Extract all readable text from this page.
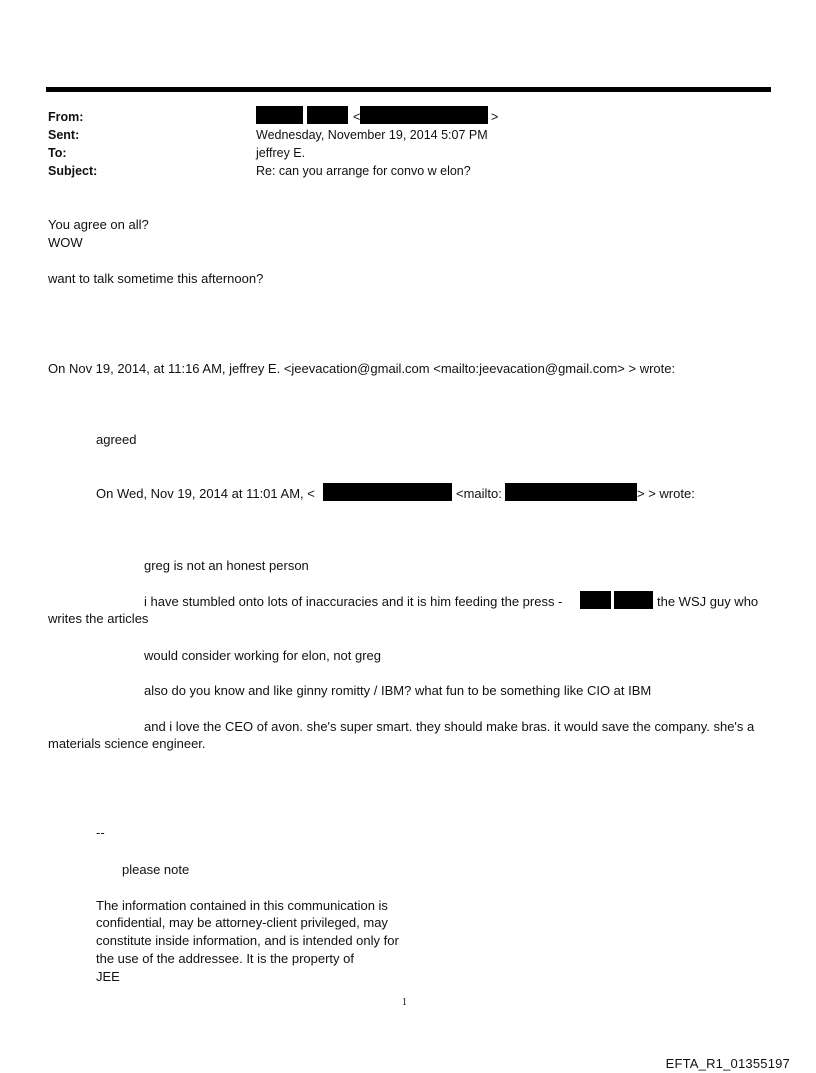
From:	<	>
Sent:	Wednesday, November 19, 2014 5:07 PM
To:	jeffrey E.
Subject:	Re: can you arrange for convo w elon?
You agree on all?
WOW
want to talk sometime this afternoon?
On Nov 19, 2014, at 11:16 AM, jeffrey E. <jeevacation@gmail.com <mailto:jeevacation@gmail.com> > wrote:
agreed
On Wed, Nov 19, 2014 at 11:01 AM, <	<mailto:	> > wrote:
greg is not an honest person
i have stumbled onto lots of inaccuracies and it is him feeding the press -	the WSJ guy who
writes the articles
would consider working for elon, not greg
also do you know and like ginny romitty / IBM? what fun to be something like CIO at IBM
and i love the CEO of avon. she's super smart. they should make bras. it would save the company. she's a
materials science engineer.
--
please note
The information contained in this communication is
confidential, may be attorney-client privileged, may
constitute inside information, and is intended only for
the use of the addressee. It is the property of
JEE
1
EFTA_R1_01355197
